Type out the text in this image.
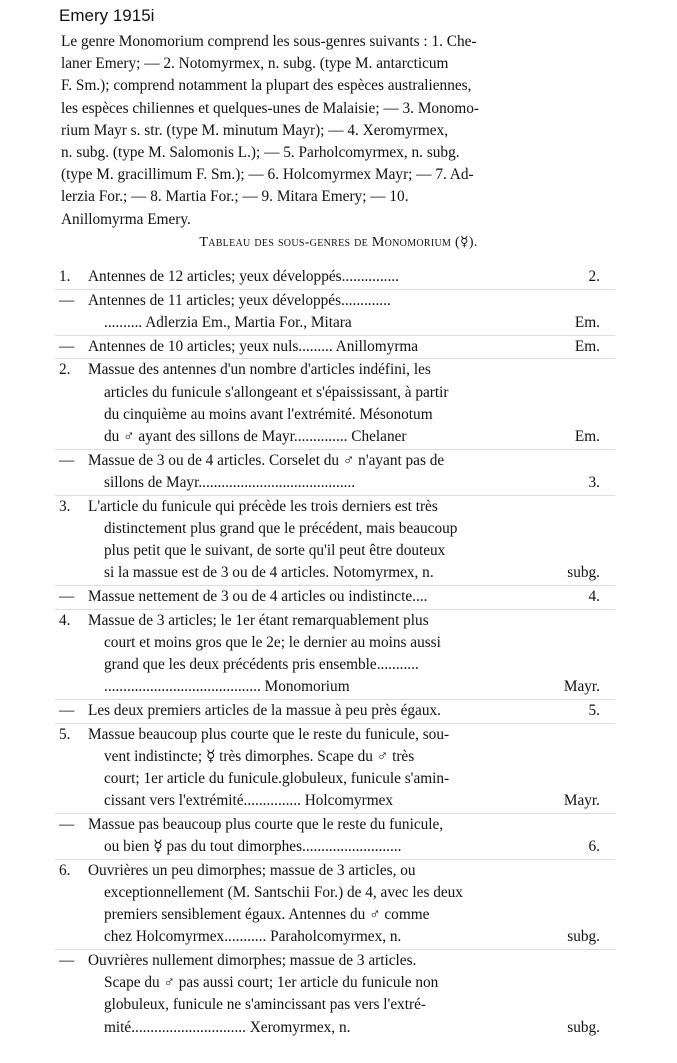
Emery 1915i
Le genre Monomorium comprend les sous-genres suivants : 1. Che-
laner Emery; — 2. Notomyrmex, n. subg. (type M. antarcticum
F. Sm.); comprend notamment la plupart des espèces australiennes,
les espèces chiliennes et quelques-unes de Malaisie; — 3. Monomo-
rium Mayr s. str. (type M. minutum Mayr); — 4. Xeromyrmex,
n. subg. (type M. Salomonis L.); — 5. Parholcomyrmex, n. subg.
(type M. gracillimum F. Sm.); — 6. Holcomyrmex Mayr; — 7. Ad-
lerzia For.; — 8. Martia For.; — 9. Mitara Emery; — 10.
Anillomyrma Emery.
Tableau des sous-genres de Monomorium (☿).
1.	Antennes de 12 articles; yeux développés...............	2.
— Antennes de 11 articles; yeux développés.............
.......... Adlerzia Em., Martia For., Mitara	Em.
— Antennes de 10 articles; yeux nuls......... Anillomyrma	Em.
2.	Massue des antennes d'un nombre d'articles indéfini, les
articles du funicule s'allongeant et s'épaississant, à partir
du cinquième au moins avant l'extrémité. Mésonotum
du ♂ ayant des sillons de Mayr.............. Chelaner	Em.
— Massue de 3 ou de 4 articles. Corselet du ♂ n'ayant pas de
sillons de Mayr.........................................	3.
3.	L'article du funicule qui précède les trois derniers est très
distinctement plus grand que le précédent, mais beaucoup
plus petit que le suivant, de sorte qu'il peut être douteux
si la massue est de 3 ou de 4 articles. Notomyrmex, n.	subg.
— Massue nettement de 3 ou de 4 articles ou indistincte....	4.
4.	Massue de 3 articles; le 1er étant remarquablement plus
court et moins gros que le 2e; le dernier au moins aussi
grand que les deux précédents pris ensemble...........
......................................... Monomorium	Mayr.
— Les deux premiers articles de la massue à peu près égaux.	5.
5.	Massue beaucoup plus courte que le reste du funicule, sou-
vent indistincte; ☿ très dimorphes. Scape du ♂ très
court; 1er article du funicule.globuleux, funicule s'amin-
cissant vers l'extrémité............... Holcomyrmex	Mayr.
— Massue pas beaucoup plus courte que le reste du funicule,
ou bien ☿ pas du tout dimorphes..........................	6.
6.	Ouvrières un peu dimorphes; massue de 3 articles, ou
exceptionnellement (M. Santschii For.) de 4, avec les deux
premiers sensiblement égaux. Antennes du ♂ comme
chez Holcomyrmex........... Paraholcomyrmex, n.	subg.
— Ouvrières nullement dimorphes; massue de 3 articles.
Scape du ♂ pas aussi court; 1er article du funicule non
globuleux, funicule ne s'amincissant pas vers l'extré-
mité.............................. Xeromyrmex, n.	subg.
